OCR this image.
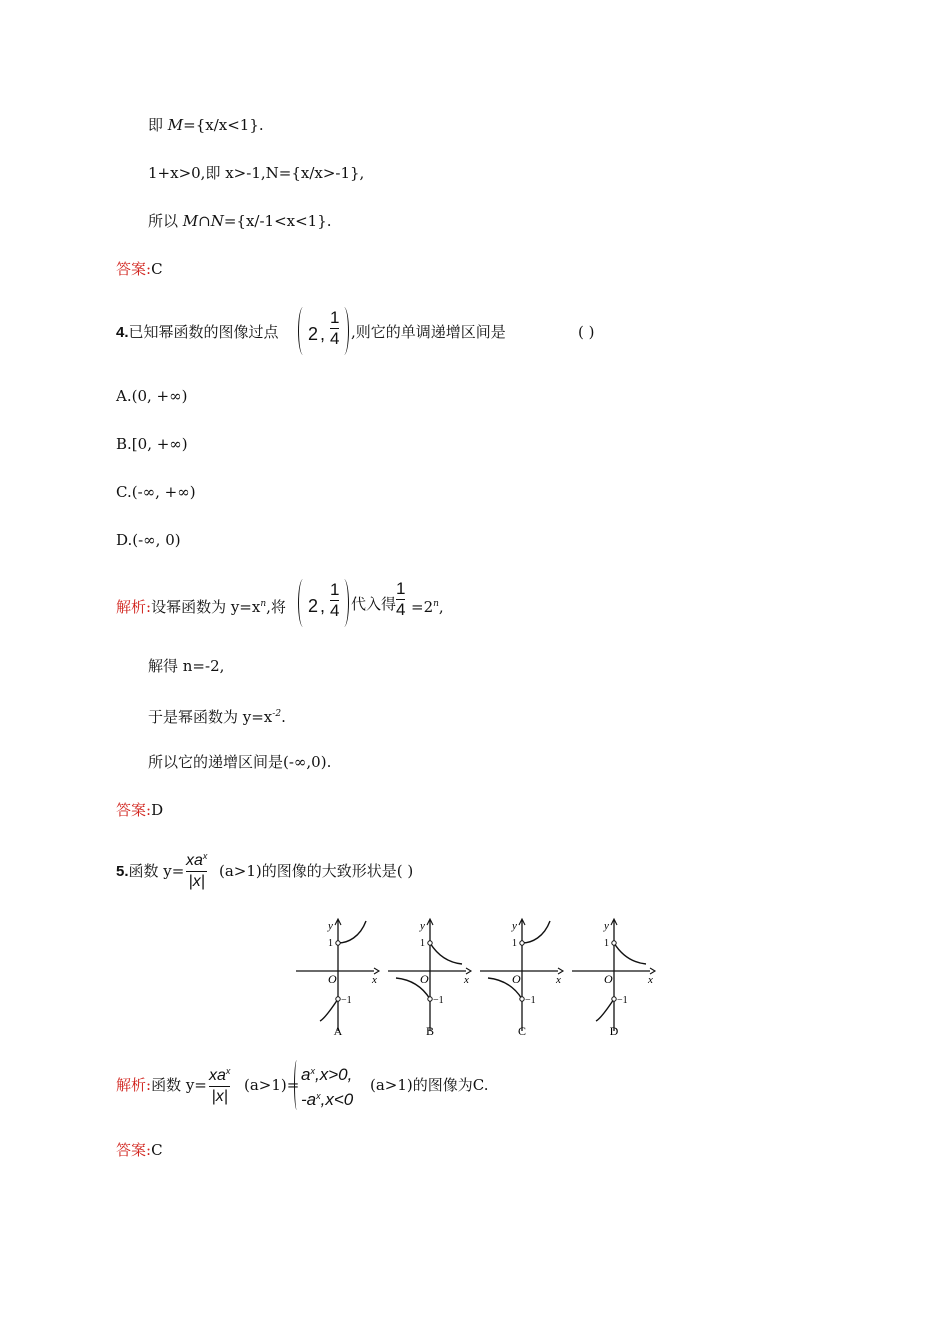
即 M={x/x<1}.
1+x>0,即 x>-1,N={x/x>-1},
所以 M∩N={x/-1<x<1}.
答案:C
4.已知幂函数的图像过点 2 ,
1
4 ,则它的单调递增区间是	( )
A.(0, +∞)
B.[0, +∞)
C.(-∞, +∞)
D.(-∞, 0)
解析:设幂函数为 $y=x^n$,将 2 ,
1
4 代入得 $\frac{1}{4} =2^n$,
解得 n=-2,
于是幂函数为 $y=x^{-2}$.
所以它的递增区间是(-∞,0).
答案:D
5.函数 $y= \frac{xa^x}{|x|} (a>1)$的图像的大致形状是( )
y
x
1
−1
O
A
y
x
1
−1
O
B
y
x
1
−1
O
C
y
x
1
−1
O
D
解析:函数 $y= \frac{xa^x}{|x|} (a>1)=$
$a^x,x>0$,
$-a^x,x<0$
(a>1)的图像为C.
答案:C
